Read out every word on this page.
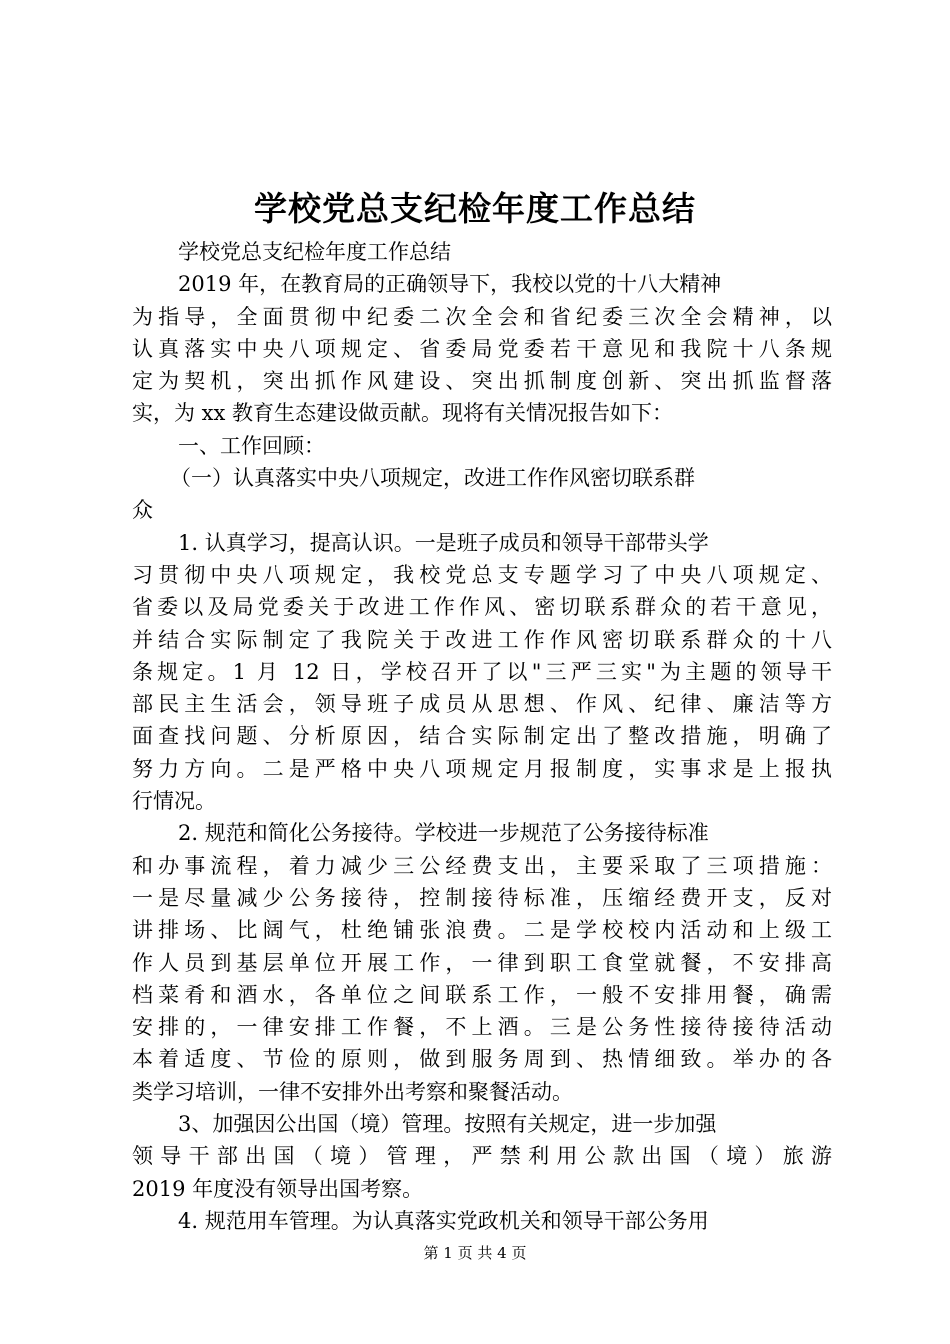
学校党总支纪检年度工作总结
学校党总支纪检年度工作总结
2019 年，在教育局的正确领导下，我校以党的十八大精神
为指导，全面贯彻中纪委二次全会和省纪委三次全会精神，以
认真落实中央八项规定、省委局党委若干意见和我院十八条规
定为契机，突出抓作风建设、突出抓制度创新、突出抓监督落
实，为 xx 教育生态建设做贡献。现将有关情况报告如下：
一、工作回顾：
（一）认真落实中央八项规定，改进工作作风密切联系群
众
1. 认真学习，提高认识。一是班子成员和领导干部带头学
习贯彻中央八项规定，我校党总支专题学习了中央八项规定、
省委以及局党委关于改进工作作风、密切联系群众的若干意见，
并结合实际制定了我院关于改进工作作风密切联系群众的十八
条规定。1 月 12 日，学校召开了以"三严三实"为主题的领导干
部民主生活会，领导班子成员从思想、作风、纪律、廉洁等方
面查找问题、分析原因，结合实际制定出了整改措施，明确了
努力方向。二是严格中央八项规定月报制度，实事求是上报执
行情况。
2. 规范和简化公务接待。学校进一步规范了公务接待标准
和办事流程，着力减少三公经费支出，主要采取了三项措施：
一是尽量减少公务接待，控制接待标准，压缩经费开支，反对
讲排场、比阔气，杜绝铺张浪费。二是学校校内活动和上级工
作人员到基层单位开展工作，一律到职工食堂就餐，不安排高
档菜肴和酒水，各单位之间联系工作，一般不安排用餐，确需
安排的，一律安排工作餐，不上酒。三是公务性接待接待活动
本着适度、节俭的原则，做到服务周到、热情细致。举办的各
类学习培训，一律不安排外出考察和聚餐活动。
3、加强因公出国（境）管理。按照有关规定，进一步加强
领导干部出国（境）管理，严禁利用公款出国（境）旅游
2019 年度没有领导出国考察。
4. 规范用车管理。为认真落实党政机关和领导干部公务用
第 1 页 共 4 页
